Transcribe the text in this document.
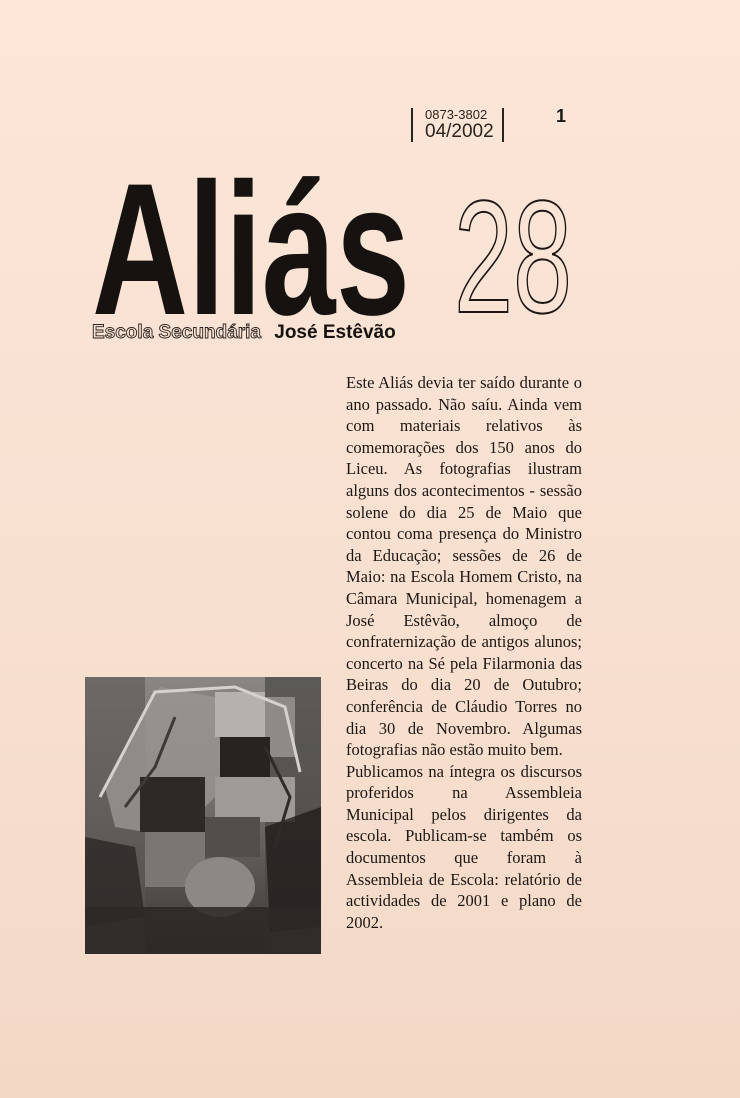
0873-3802
04/2002
1
Aliás 28
Escola Secundária José Estêvão

Este Aliás devia ter saído durante o ano passado. Não saíu. Ainda vem com materiais relativos às comemorações dos 150 anos do Liceu. As fotografias ilustram alguns dos acontecimentos - sessão solene do dia 25 de Maio que contou coma presença do Ministro da Educação; sessões de 26 de Maio: na Escola Homem Cristo, na Câmara Municipal, homenagem a José Estêvão, almoço de confraternização de antigos alunos; concerto na Sé pela Filarmonia das Beiras do dia 20 de Outubro; conferência de Cláudio Torres no dia 30 de Novembro. Algumas fotografias não estão muito bem.

Publicamos na íntegra os discursos proferidos na Assembleia Municipal pelos dirigentes da escola. Publicam-se também os documentos que foram à Assembleia de Escola: relatório de actividades de 2001 e plano de 2002.
